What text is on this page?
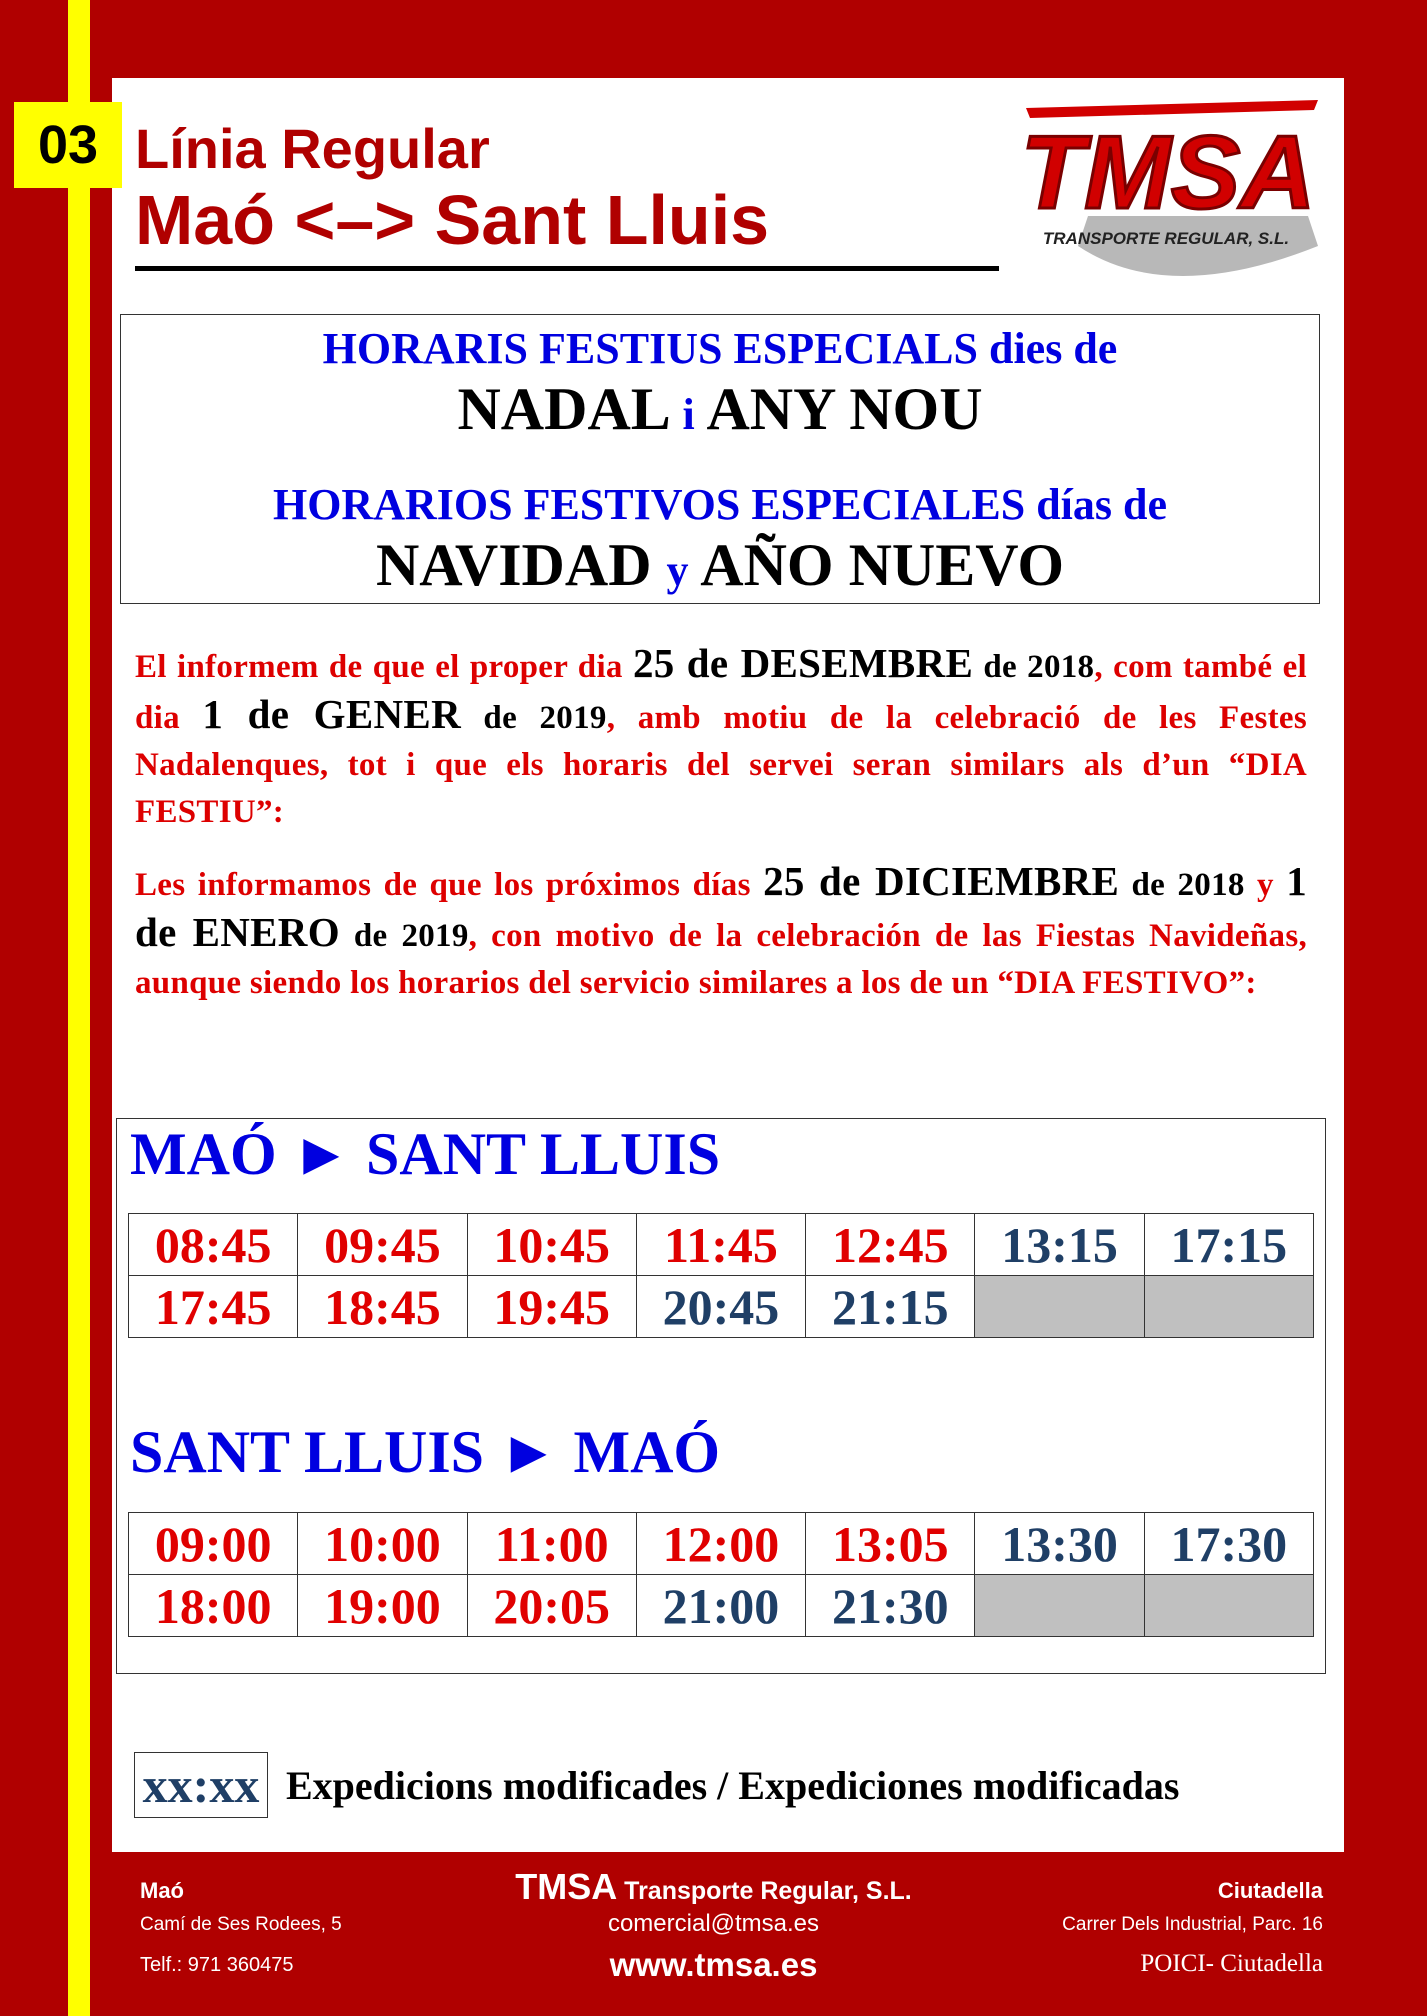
03 Línia Regular
Maó <–> Sant Lluis TMSA
TRANSPORTE REGULAR, S.L.
HORARIS FESTIUS ESPECIALS dies de
NADAL i ANY NOU
HORARIOS FESTIVOS ESPECIALES días de
NAVIDAD y AÑO NUEVO
El informem de que el proper dia 25 de DESEMBRE de 2018, com també el dia 1 de GENER de 2019, amb motiu de la celebració de les Festes Nadalenques, tot i que els horaris del servei seran similars als d’un “DIA FESTIU”:
Les informamos de que los próximos días 25 de DICIEMBRE de 2018 y 1 de ENERO de 2019, con motivo de la celebración de las Fiestas Navideñas, aunque siendo los horarios del servicio similares a los de un “DIA FESTIVO”:
MAÓ ► SANT LLUIS
08:45	09:45	10:45	11:45	12:45	13:15	17:15
17:45	18:45	19:45	20:45	21:15		
SANT LLUIS ► MAÓ
09:00	10:00	11:00	12:00	13:05	13:30	17:30
18:00	19:00	20:05	21:00	21:30		
xx:xx Expedicions modificades / Expediciones modificadas
Maó
Camí de Ses Rodees, 5
Telf.: 971 360475
TMSA Transporte Regular, S.L.
comercial@tmsa.es
www.tmsa.es
Ciutadella
Carrer Dels Industrial, Parc. 16
POICI- Ciutadella
